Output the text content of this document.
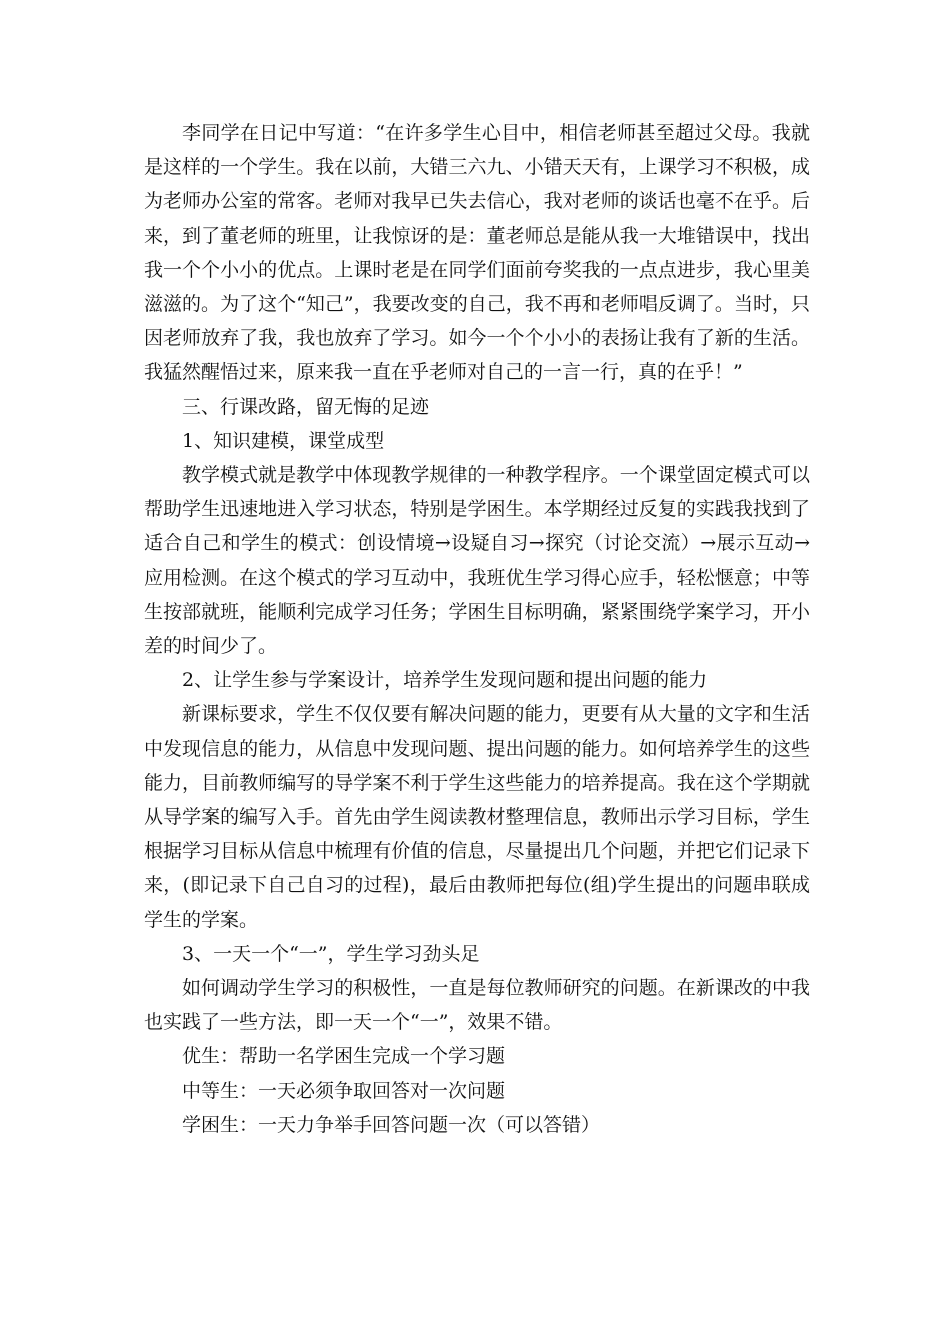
李同学在日记中写道：“在许多学生心目中，相信老师甚至超过父母。我就是这样的一个学生。我在以前，大错三六九、小错天天有，上课学习不积极，成为老师办公室的常客。老师对我早已失去信心，我对老师的谈话也毫不在乎。后来，到了董老师的班里，让我惊讶的是：董老师总是能从我一大堆错误中，找出我一个个小小的优点。上课时老是在同学们面前夸奖我的一点点进步，我心里美滋滋的。为了这个“知己”，我要改变的自己，我不再和老师唱反调了。当时，只因老师放弃了我，我也放弃了学习。如今一个个小小的表扬让我有了新的生活。我猛然醒悟过来，原来我一直在乎老师对自己的一言一行，真的在乎！”

三、行课改路，留无悔的足迹

1、知识建模，课堂成型

教学模式就是教学中体现教学规律的一种教学程序。一个课堂固定模式可以帮助学生迅速地进入学习状态，特别是学困生。本学期经过反复的实践我找到了适合自己和学生的模式：创设情境→设疑自习→探究（讨论交流）→展示互动→应用检测。在这个模式的学习互动中，我班优生学习得心应手，轻松惬意；中等生按部就班，能顺利完成学习任务；学困生目标明确，紧紧围绕学案学习，开小差的时间少了。

2、让学生参与学案设计，培养学生发现问题和提出问题的能力

新课标要求，学生不仅仅要有解决问题的能力，更要有从大量的文字和生活中发现信息的能力，从信息中发现问题、提出问题的能力。如何培养学生的这些能力，目前教师编写的导学案不利于学生这些能力的培养提高。我在这个学期就从导学案的编写入手。首先由学生阅读教材整理信息，教师出示学习目标，学生根据学习目标从信息中梳理有价值的信息，尽量提出几个问题，并把它们记录下来，(即记录下自己自习的过程)，最后由教师把每位(组)学生提出的问题串联成学生的学案。

3、一天一个“一”，学生学习劲头足

如何调动学生学习的积极性，一直是每位教师研究的问题。在新课改的中我也实践了一些方法，即一天一个“一”，效果不错。

优生：帮助一名学困生完成一个学习题

中等生：一天必须争取回答对一次问题

学困生：一天力争举手回答问题一次（可以答错）
